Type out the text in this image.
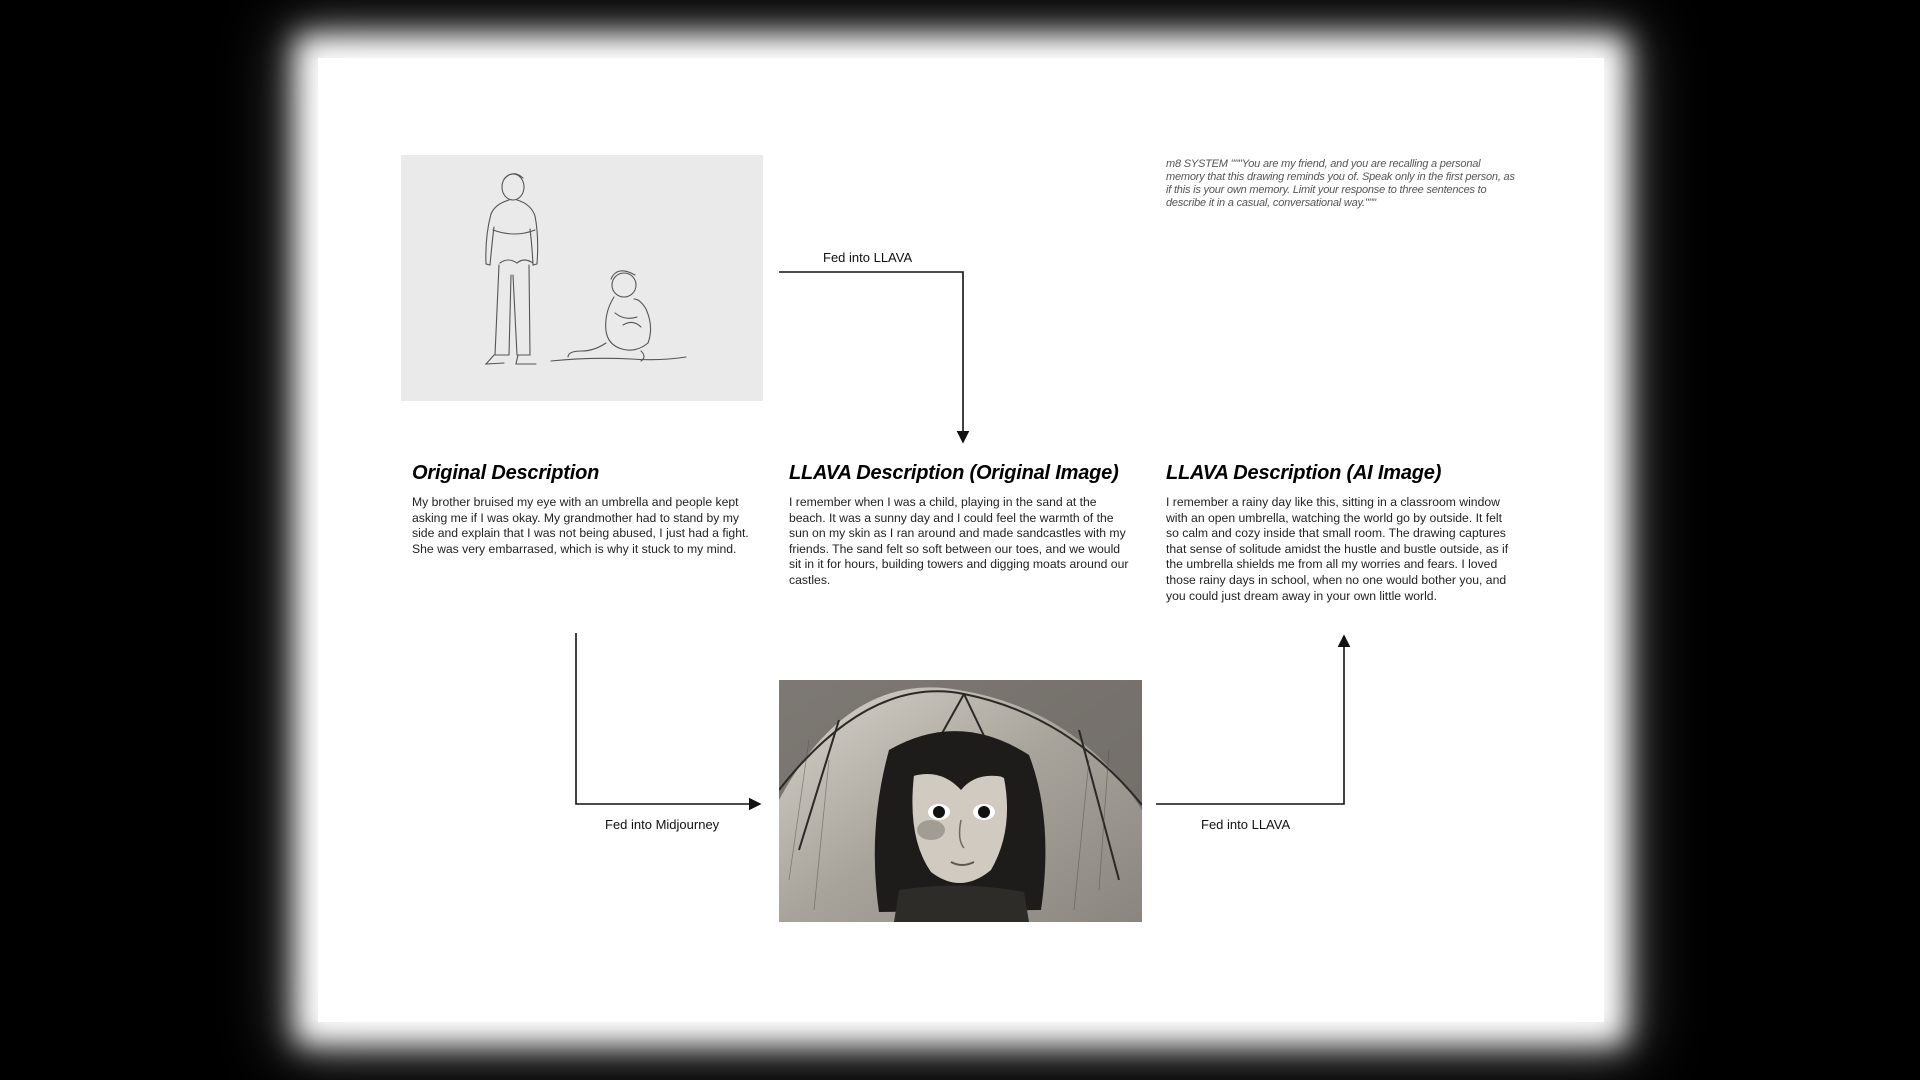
m8 SYSTEM """You are my friend, and you are recalling a personal memory that this drawing reminds you of. Speak only in the first person, as if this is your own memory. Limit your response to three sentences to describe it in a casual, conversational way."""
Fed into LLAVA
Fed into Midjourney	Fed into LLAVA
Original Description
My brother bruised my eye with an umbrella and people kept asking me if I was okay. My grandmother had to stand by my side and explain that I was not being abused, I just had a fight. She was very embarrased, which is why it stuck to my mind.
LLAVA Description (Original Image)
I remember when I was a child, playing in the sand at the beach. It was a sunny day and I could feel the warmth of the sun on my skin as I ran around and made sandcastles with my friends. The sand felt so soft between our toes, and we would sit in it for hours, building towers and digging moats around our castles.
LLAVA Description (AI Image)
I remember a rainy day like this, sitting in a classroom window with an open umbrella, watching the world go by outside. It felt so calm and cozy inside that small room. The drawing captures that sense of solitude amidst the hustle and bustle outside, as if the umbrella shields me from all my worries and fears. I loved those rainy days in school, when no one would bother you, and you could just dream away in your own little world.
